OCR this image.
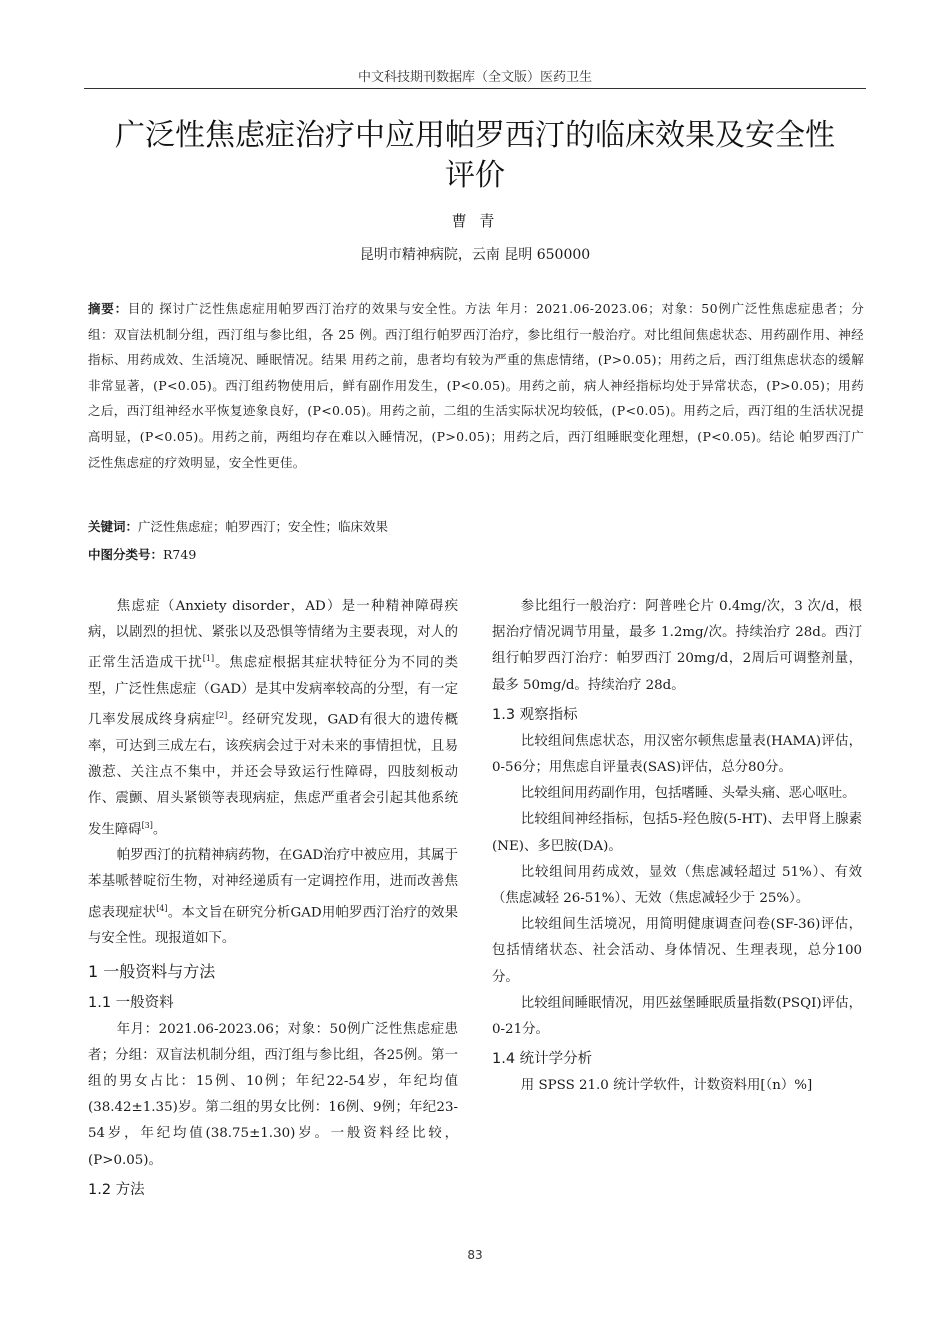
中文科技期刊数据库（全文版）医药卫生
广泛性焦虑症治疗中应用帕罗西汀的临床效果及安全性
评价
曹 青
昆明市精神病院，云南 昆明 650000
摘要：目的 探讨广泛性焦虑症用帕罗西汀治疗的效果与安全性。方法 年月：2021.06-2023.06；对象：50例广泛性焦虑症患者；分组：双盲法机制分组，西汀组与参比组，各 25 例。西汀组行帕罗西汀治疗，参比组行一般治疗。对比组间焦虑状态、用药副作用、神经指标、用药成效、生活境况、睡眠情况。结果 用药之前，患者均有较为严重的焦虑情绪，(P>0.05)；用药之后，西汀组焦虑状态的缓解非常显著，(P<0.05)。西汀组药物使用后，鲜有副作用发生，(P<0.05)。用药之前，病人神经指标均处于异常状态，(P>0.05)；用药之后，西汀组神经水平恢复迹象良好，(P<0.05)。用药之前，二组的生活实际状况均较低，(P<0.05)。用药之后，西汀组的生活状况提高明显，(P<0.05)。用药之前，两组均存在难以入睡情况，(P>0.05)；用药之后，西汀组睡眠变化理想，(P<0.05)。结论 帕罗西汀广泛性焦虑症的疗效明显，安全性更佳。
关键词：广泛性焦虑症；帕罗西汀；安全性；临床效果
中图分类号：R749

焦虑症（Anxiety disorder，AD）是一种精神障碍疾病，以剧烈的担忧、紧张以及恐惧等情绪为主要表现，对人的正常生活造成干扰[1]。焦虑症根据其症状特征分为不同的类型，广泛性焦虑症（GAD）是其中发病率较高的分型，有一定几率发展成终身病症[2]。经研究发现，GAD有很大的遗传概率，可达到三成左右，该疾病会过于对未来的事情担忧，且易激惹、关注点不集中，并还会导致运行性障碍，四肢刻板动作、震颤、眉头紧锁等表现病症，焦虑严重者会引起其他系统发生障碍[3]。

帕罗西汀的抗精神病药物，在GAD治疗中被应用，其属于苯基哌替啶衍生物，对神经递质有一定调控作用，进而改善焦虑表现症状[4]。本文旨在研究分析GAD用帕罗西汀治疗的效果与安全性。现报道如下。

1 一般资料与方法
1.1 一般资料

年月：2021.06-2023.06；对象：50例广泛性焦虑症患者；分组：双盲法机制分组，西汀组与参比组，各25例。第一组的男女占比：15例、10例；年纪22-54岁，年纪均值(38.42±1.35)岁。第二组的男女比例：16例、9例；年纪23-54岁，年纪均值(38.75±1.30)岁。一般资料经比较，(P>0.05)。

1.2 方法

参比组行一般治疗：阿普唑仑片 0.4mg/次，3 次/d，根据治疗情况调节用量，最多 1.2mg/次。持续治疗 28d。西汀组行帕罗西汀治疗：帕罗西汀 20mg/d，2周后可调整剂量，最多 50mg/d。持续治疗 28d。

1.3 观察指标

比较组间焦虑状态，用汉密尔顿焦虑量表(HAMA)评估，0-56分；用焦虑自评量表(SAS)评估，总分80分。

比较组间用药副作用，包括嗜睡、头晕头痛、恶心呕吐。

比较组间神经指标，包括5-羟色胺(5-HT)、去甲肾上腺素(NE)、多巴胺(DA)。

比较组间用药成效，显效（焦虑减轻超过 51%）、有效（焦虑减轻 26-51%）、无效（焦虑减轻少于 25%）。

比较组间生活境况，用简明健康调查问卷(SF-36)评估，包括情绪状态、社会活动、身体情况、生理表现，总分100分。

比较组间睡眠情况，用匹兹堡睡眠质量指数(PSQI)评估，0-21分。

1.4 统计学分析

用 SPSS 21.0 统计学软件，计数资料用[（n）%]

83
